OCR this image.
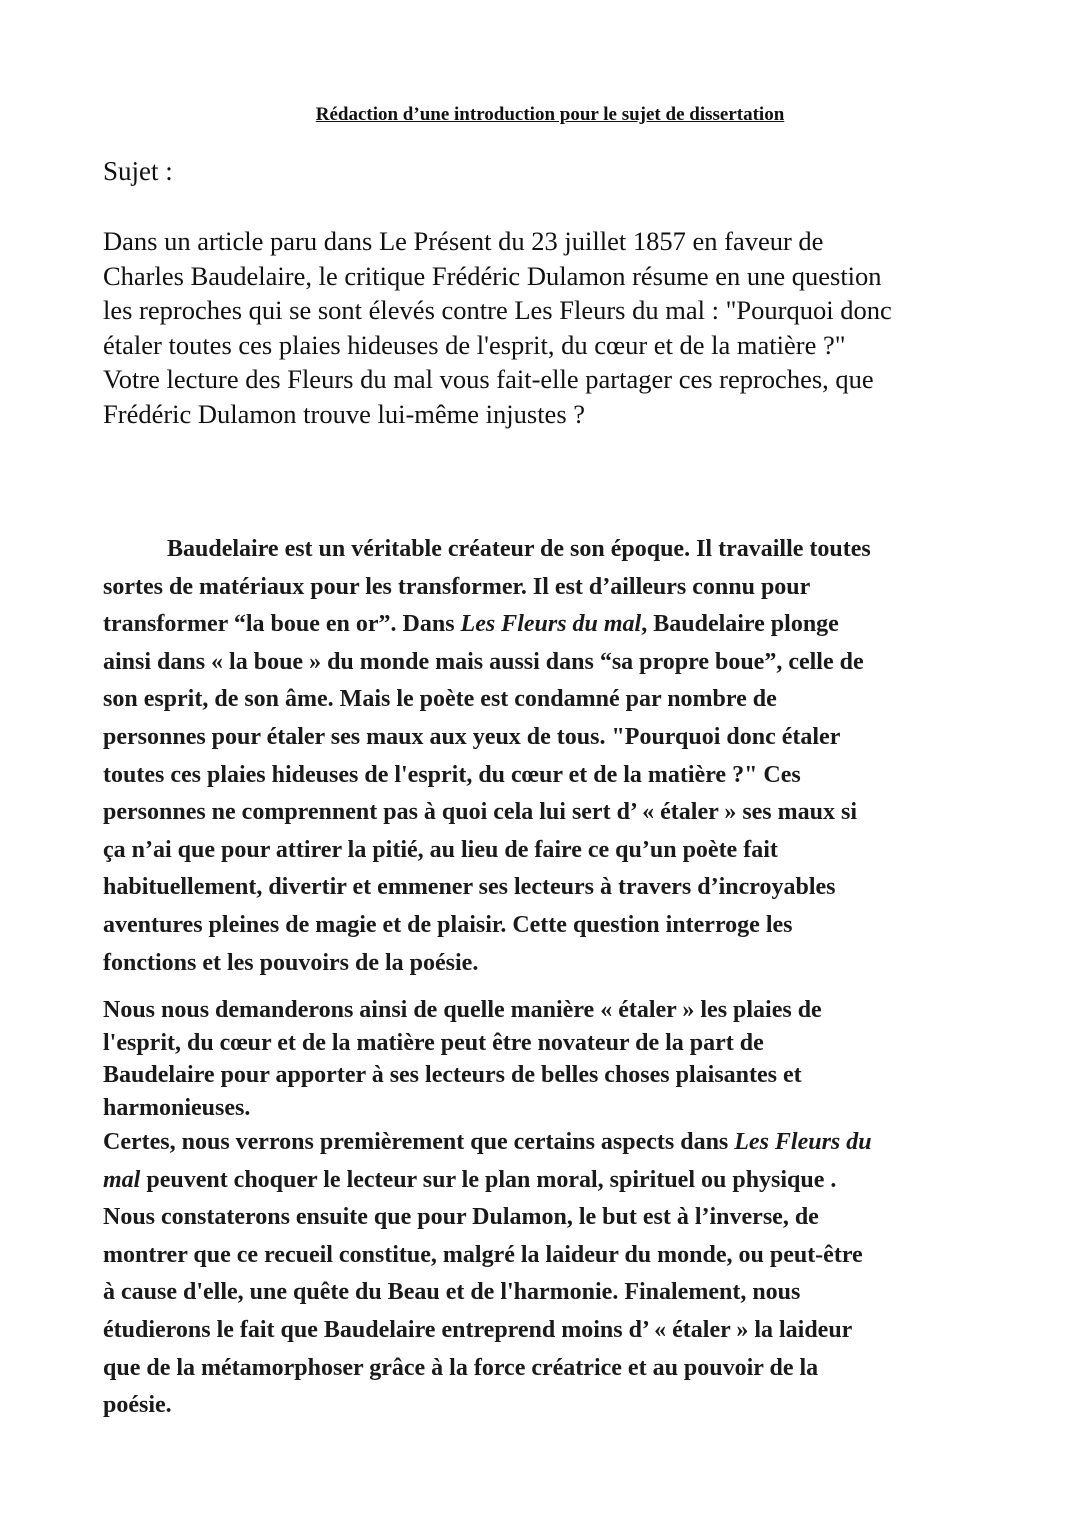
Rédaction d’une introduction pour le sujet de dissertation

Sujet :

Dans un article paru dans Le Présent du 23 juillet 1857 en faveur de
Charles Baudelaire, le critique Frédéric Dulamon résume en une question
les reproches qui se sont élevés contre Les Fleurs du mal : "Pourquoi donc
étaler toutes ces plaies hideuses de l'esprit, du cœur et de la matière ?"
Votre lecture des Fleurs du mal vous fait-elle partager ces reproches, que
Frédéric Dulamon trouve lui-même injustes ?

Baudelaire est un véritable créateur de son époque. Il travaille toutes
sortes de matériaux pour les transformer. Il est d’ailleurs connu pour
transformer “la boue en or”. Dans Les Fleurs du mal, Baudelaire plonge
ainsi dans « la boue » du monde mais aussi dans “sa propre boue”, celle de
son esprit, de son âme. Mais le poète est condamné par nombre de
personnes pour étaler ses maux aux yeux de tous. "Pourquoi donc étaler
toutes ces plaies hideuses de l'esprit, du cœur et de la matière ?" Ces
personnes ne comprennent pas à quoi cela lui sert d’ « étaler » ses maux si
ça n’ai que pour attirer la pitié, au lieu de faire ce qu’un poète fait
habituellement, divertir et emmener ses lecteurs à travers d’incroyables
aventures pleines de magie et de plaisir. Cette question interroge les
fonctions et les pouvoirs de la poésie.

Nous nous demanderons ainsi de quelle manière « étaler » les plaies de
l'esprit, du cœur et de la matière peut être novateur de la part de
Baudelaire pour apporter à ses lecteurs de belles choses plaisantes et
harmonieuses.

Certes, nous verrons premièrement que certains aspects dans Les Fleurs du
mal peuvent choquer le lecteur sur le plan moral, spirituel ou physique .
Nous constaterons ensuite que pour Dulamon, le but est à l’inverse, de
montrer que ce recueil constitue, malgré la laideur du monde, ou peut-être
à cause d'elle, une quête du Beau et de l'harmonie. Finalement, nous
étudierons le fait que Baudelaire entreprend moins d’ « étaler » la laideur
que de la métamorphoser grâce à la force créatrice et au pouvoir de la
poésie.
